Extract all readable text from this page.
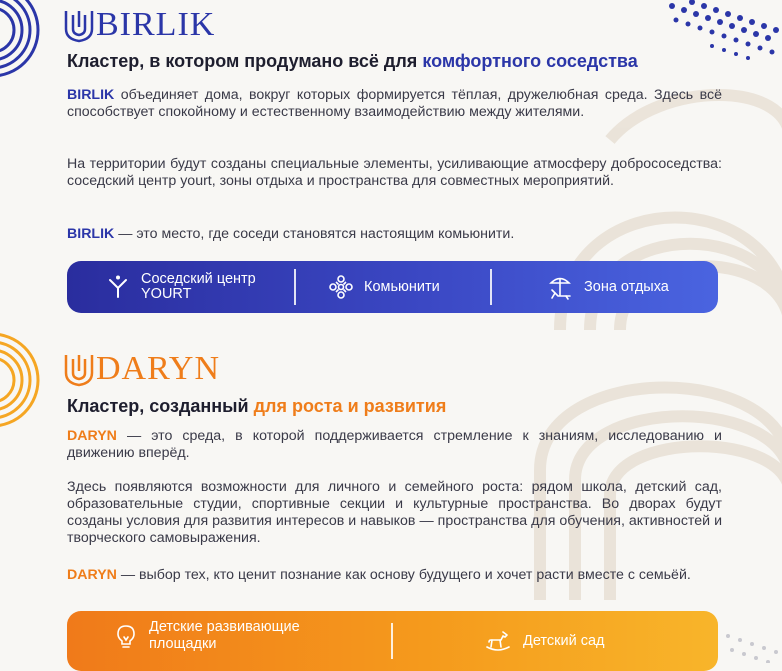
BIRLIK
Кластер, в котором продумано всё для комфортного соседства

BIRLIK объединяет дома, вокруг которых формируется тёплая, дружелюбная среда. Здесь всё способствует спокойному и естественному взаимодействию между жителями.

На территории будут созданы специальные элементы, усиливающие атмосферу добрососедства: соседский центр yourt, зоны отдыха и пространства для совместных мероприятий.

BIRLIK — это место, где соседи становятся настоящим комьюнити.

Соседский центр
YOURT	Комьюнити	Зона отдыха
DARYN
Кластер, созданный для роста и развития

DARYN — это среда, в которой поддерживается стремление к знаниям, исследованию и движению вперёд.

Здесь появляются возможности для личного и семейного роста: рядом школа, детский сад, образовательные студии, спортивные секции и культурные пространства. Во дворах будут созданы условия для развития интересов и навыков — пространства для обучения, активностей и творческого самовыражения.

DARYN — выбор тех, кто ценит познание как основу будущего и хочет расти вместе с семьёй.

Детские развивающие
площадки	Детский сад
